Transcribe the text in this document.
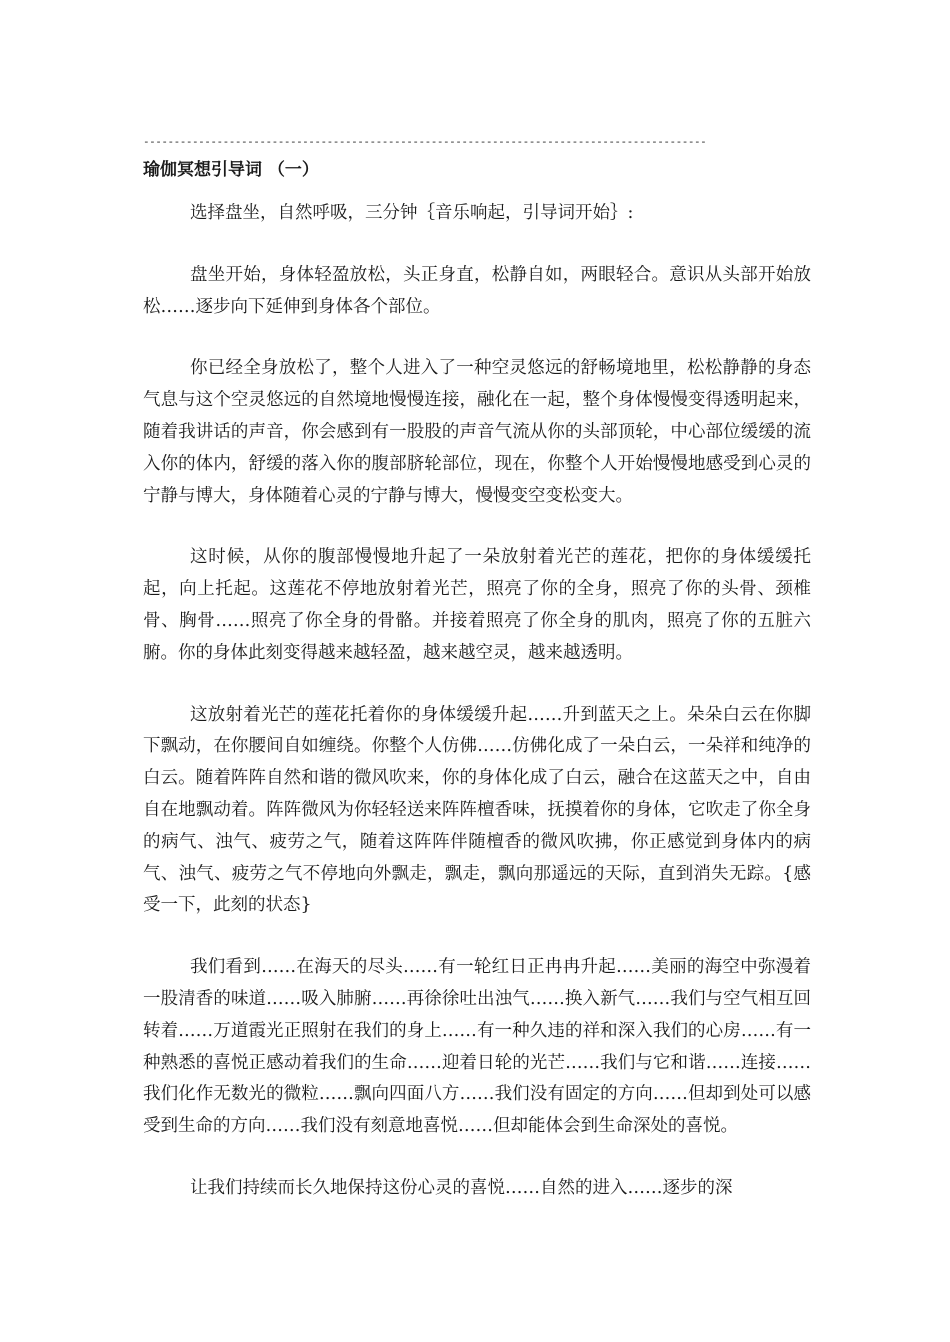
--------------------------------------------------------------------------------------------

瑜伽冥想引导词 （一）

选择盘坐，自然呼吸，三分钟｛音乐响起，引导词开始｝:

盘坐开始，身体轻盈放松，头正身直，松静自如，两眼轻合。意识从头部开始放松……逐步向下延伸到身体各个部位。

你已经全身放松了，整个人进入了一种空灵悠远的舒畅境地里，松松静静的身态气息与这个空灵悠远的自然境地慢慢连接，融化在一起，整个身体慢慢变得透明起来，随着我讲话的声音，你会感到有一股股的声音气流从你的头部顶轮，中心部位缓缓的流入你的体内，舒缓的落入你的腹部脐轮部位，现在，你整个人开始慢慢地感受到心灵的宁静与博大，身体随着心灵的宁静与博大，慢慢变空变松变大。

这时候，从你的腹部慢慢地升起了一朵放射着光芒的莲花，把你的身体缓缓托起，向上托起。这莲花不停地放射着光芒，照亮了你的全身，照亮了你的头骨、颈椎骨、胸骨……照亮了你全身的骨骼。并接着照亮了你全身的肌肉，照亮了你的五脏六腑。你的身体此刻变得越来越轻盈，越来越空灵，越来越透明。

这放射着光芒的莲花托着你的身体缓缓升起……升到蓝天之上。朵朵白云在你脚下飘动，在你腰间自如缠绕。你整个人仿佛……仿佛化成了一朵白云，一朵祥和纯净的白云。随着阵阵自然和谐的微风吹来，你的身体化成了白云，融合在这蓝天之中，自由自在地飘动着。阵阵微风为你轻轻送来阵阵檀香味，抚摸着你的身体，它吹走了你全身的病气、浊气、疲劳之气，随着这阵阵伴随檀香的微风吹拂，你正感觉到身体内的病气、浊气、疲劳之气不停地向外飘走，飘走，飘向那遥远的天际，直到消失无踪。{感受一下，此刻的状态}

我们看到……在海天的尽头……有一轮红日正冉冉升起……美丽的海空中弥漫着一股清香的味道……吸入肺腑……再徐徐吐出浊气……换入新气……我们与空气相互回转着……万道霞光正照射在我们的身上……有一种久违的祥和深入我们的心房……有一种熟悉的喜悦正感动着我们的生命……迎着日轮的光芒……我们与它和谐……连接……我们化作无数光的微粒……飘向四面八方……我们没有固定的方向……但却到处可以感受到生命的方向……我们没有刻意地喜悦……但却能体会到生命深处的喜悦。

让我们持续而长久地保持这份心灵的喜悦……自然的进入……逐步的深
